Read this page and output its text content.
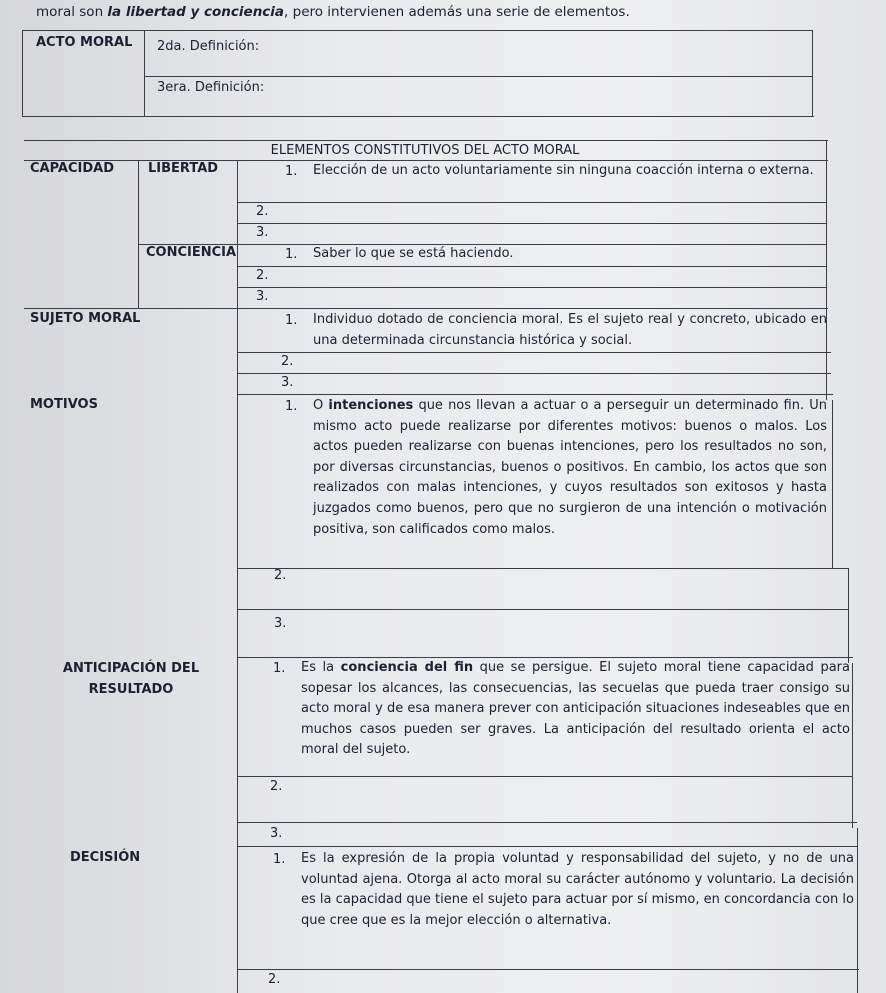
moral son la libertad y conciencia, pero intervienen además una serie de elementos.
ACTO MORAL 2da. Definición:
3era. Definición:
ELEMENTOS CONSTITUTIVOS DEL ACTO MORAL
CAPACIDAD	LIBERTAD
CONCIENCIA
SUJETO MORAL
MOTIVOS
ANTICIPACIÓN DEL
RESULTADO
DECISIÓN
1. Elección de un acto voluntariamente sin ninguna coacción interna o externa.
2.
3.
1. Saber lo que se está haciendo.
2.
3.
1. Individuo dotado de conciencia moral. Es el sujeto real y concreto, ubicado en una determinada circunstancia histórica y social.
2.
3.
1. O intenciones que nos llevan a actuar o a perseguir un determinado fin. Un mismo acto puede realizarse por diferentes motivos: buenos o malos. Los actos pueden realizarse con buenas intenciones, pero los resultados no son, por diversas circunstancias, buenos o positivos. En cambio, los actos que son realizados con malas intenciones, y cuyos resultados son exitosos y hasta juzgados como buenos, pero que no surgieron de una intención o motivación positiva, son calificados como malos.
2.
3.
1. Es la conciencia del fin que se persigue. El sujeto moral tiene capacidad para sopesar los alcances, las consecuencias, las secuelas que pueda traer consigo su acto moral y de esa manera prever con anticipación situaciones indeseables que en muchos casos pueden ser graves. La anticipación del resultado orienta el acto moral del sujeto.
2.
3.
1. Es la expresión de la propia voluntad y responsabilidad del sujeto, y no de una voluntad ajena. Otorga al acto moral su carácter autónomo y voluntario. La decisión es la capacidad que tiene el sujeto para actuar por sí mismo, en concordancia con lo que cree que es la mejor elección o alternativa.
2.
